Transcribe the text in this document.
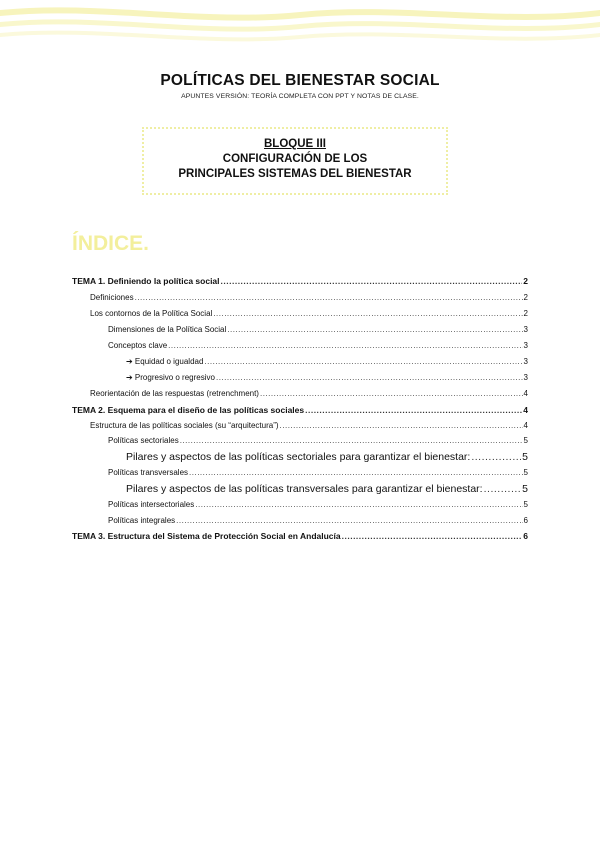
POLÍTICAS DEL BIENESTAR SOCIAL
APUNTES VERSIÓN: TEORÍA COMPLETA CON PPT Y NOTAS DE CLASE.
BLOQUE III
CONFIGURACIÓN DE LOS
PRINCIPALES SISTEMAS DEL BIENESTAR
ÍNDICE.
TEMA 1. Definiendo la política social .....	2
Definiciones .....	2
Los contornos de la Política Social .....	2
Dimensiones de la Política Social .....	3
Conceptos clave .....	3
➔ Equidad o igualdad .....	3
➔ Progresivo o regresivo .....	3
Reorientación de las respuestas (retrenchment) .....	4
TEMA 2. Esquema para el diseño de las políticas sociales .....	4
Estructura de las políticas sociales (su “arquitectura”) .....	4
Políticas sectoriales .....	5
Pilares y aspectos de las políticas sectoriales para garantizar el bienestar: .....	5
Políticas transversales .....	5
Pilares y aspectos de las políticas transversales para garantizar el bienestar: .....	5
Políticas intersectoriales .....	5
Políticas integrales .....	6
TEMA 3. Estructura del Sistema de Protección Social en Andalucía .....	6
